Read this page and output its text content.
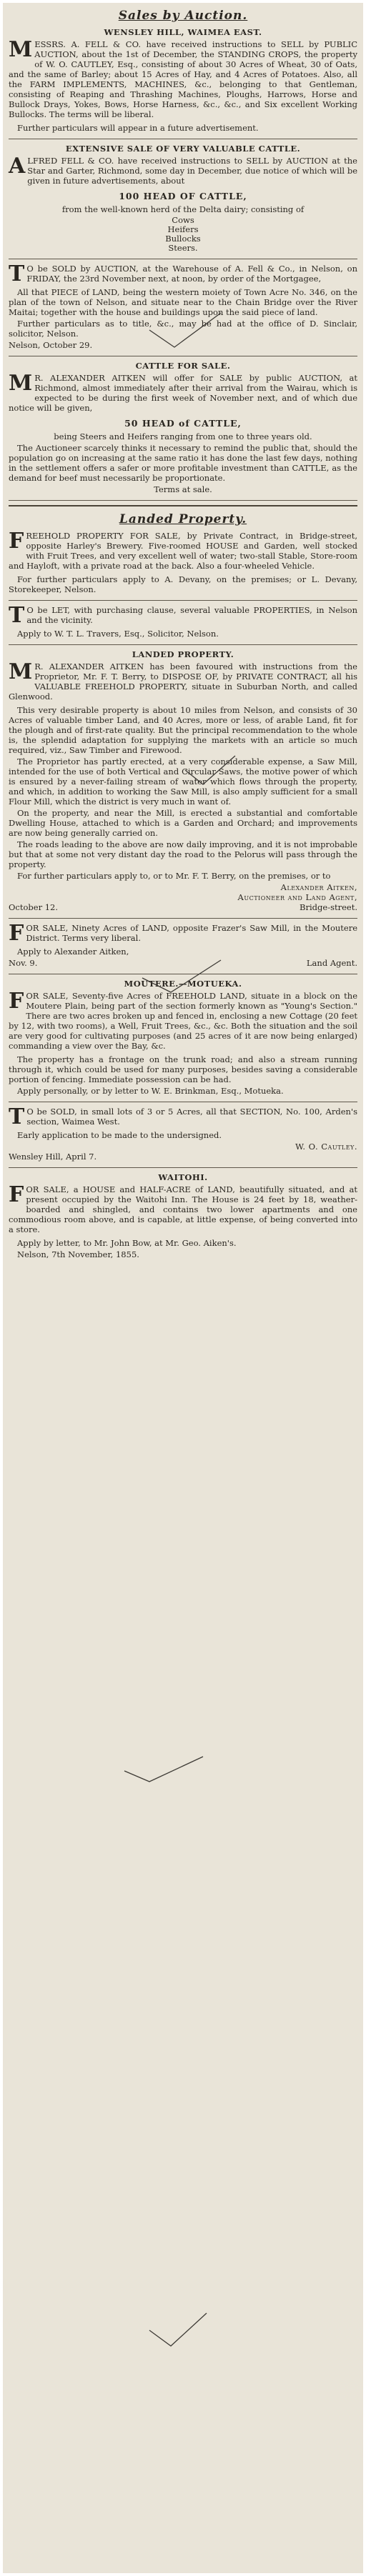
Sales by Auction.
WENSLEY HILL, WAIMEA EAST.
MESSRS. A. FELL & CO. have received instructions to SELL by PUBLIC AUCTION, about the 1st of December, the STANDING CROPS, the property of W. O. CAUTLEY, Esq., consisting of about 30 Acres of Wheat, 30 of Oats, and the same of Barley; about 15 Acres of Hay, and 4 Acres of Potatoes. Also, all the FARM IMPLEMENTS, MACHINES, &c., belonging to that Gentleman, consisting of Reaping and Thrashing Machines, Ploughs, Harrows, Horse and Bullock Drays, Yokes, Bows, Horse Harness, &c., &c., and Six excellent Working Bullocks. The terms will be liberal.
Further particulars will appear in a future advertisement.
EXTENSIVE SALE OF VERY VALUABLE CATTLE.
ALFRED FELL & CO. have received instructions to SELL by AUCTION at the Star and Garter, Richmond, some day in December, due notice of which will be given in future advertisements, about
100 HEAD OF CATTLE,
from the well-known herd of the Delta dairy; consisting of
Cows
Heifers
Bullocks
Steers.
T O be SOLD by AUCTION, at the Warehouse of A. Fell & Co., in Nelson, on FRIDAY, the 23rd November next, at noon, by order of the Mortgagee,
All that PIECE of LAND, being the western moiety of Town Acre No. 346, on the plan of the town of Nelson, and situate near to the Chain Bridge over the River Maitai; together with the house and buildings upon the said piece of land.
Further particulars as to title, &c., may be had at the office of D. Sinclair, solicitor, Nelson.
Nelson, October 29.
CATTLE FOR SALE.
M R. ALEXANDER AITKEN will offer for SALE by public AUCTION, at Richmond, almost immediately after their arrival from the Wairau, which is expected to be during the first week of November next, and of which due notice will be given,
50 HEAD of CATTLE,
being Steers and Heifers ranging from one to three years old.
The Auctioneer scarcely thinks it necessary to remind the public that, should the population go on increasing at the same ratio it has done the last few days, nothing in the settlement offers a safer or more profitable investment than CATTLE, as the demand for beef must necessarily be proportionate.
Terms at sale.
Landed Property.
FREEHOLD PROPERTY FOR SALE, by Private Contract, in Bridge-street, opposite Harley's Brewery. Five-roomed HOUSE and Garden, well stocked with Fruit Trees, and very excellent well of water; two-stall Stable, Store-room and Hayloft, with a private road at the back. Also a four-wheeled Vehicle.
For further particulars apply to A. Devany, on the premises; or L. Devany, Storekeeper, Nelson.
T O be LET, with purchasing clause, several valuable PROPERTIES, in Nelson and the vicinity.
Apply to W. T. L. Travers, Esq., Solicitor, Nelson.
LANDED PROPERTY.
M R. ALEXANDER AITKEN has been favoured with instructions from the Proprietor, Mr. F. T. Berry, to DISPOSE OF, by PRIVATE CONTRACT, all his VALUABLE FREEHOLD PROPERTY, situate in Suburban North, and called Glenwood.
This very desirable property is about 10 miles from Nelson, and consists of 30 Acres of valuable timber Land, and 40 Acres, more or less, of arable Land, fit for the plough and of first-rate quality. But the principal recommendation to the whole is, the splendid adaptation for supplying the markets with an article so much required, viz., Saw Timber and Firewood.
The Proprietor has partly erected, at a very considerable expense, a Saw Mill, intended for the use of both Vertical and Circular Saws, the motive power of which is ensured by a never-failing stream of water which flows through the property, and which, in addition to working the Saw Mill, is also amply sufficient for a small Flour Mill, which the district is very much in want of.
On the property, and near the Mill, is erected a substantial and comfortable Dwelling House, attached to which is a Garden and Orchard; and improvements are now being generally carried on.
The roads leading to the above are now daily improving, and it is not improbable but that at some not very distant day the road to the Pelorus will pass through the property.
For further particulars apply to, or to Mr. F. T. Berry, on the premises, or to
Alexander Aitken,
Auctioneer and Land Agent,
Bridge-street.
October 12.
FOR SALE, Ninety Acres of LAND, opposite Frazer's Saw Mill, in the Moutere District. Terms very liberal.
Apply to Alexander Aitken,
Land Agent.
Nov. 9.
MOUTERE.—MOTUEKA.
FOR SALE, Seventy-five Acres of FREEHOLD LAND, situate in a block on the Moutere Plain, being part of the section formerly known as "Young's Section." There are two acres broken up and fenced in, enclosing a new Cottage (20 feet by 12, with two rooms), a Well, Fruit Trees, &c., &c. Both the situation and the soil are very good for cultivating purposes (and 25 acres of it are now being enlarged) commanding a view over the Bay, &c.
The property has a frontage on the trunk road; and also a stream running through it, which could be used for many purposes, besides saving a considerable portion of fencing. Immediate possession can be had.
Apply personally, or by letter to W. E. Brinkman, Esq., Motueka.
T O be SOLD, in small lots of 3 or 5 Acres, all that SECTION, No. 100, Arden's section, Waimea West.
Early application to be made to the undersigned.
W. O. Cautley.
Wensley Hill, April 7.
WAITOHI.
FOR SALE, a HOUSE and HALF-ACRE of LAND, beautifully situated, and at present occupied by the Waitohi Inn. The House is 24 feet by 18, weather-boarded and shingled, and contains two lower apartments and one commodious room above, and is capable, at little expense, of being converted into a store.
Apply by letter, to Mr. John Bow, at Mr. Geo. Aiken's.
Nelson, 7th November, 1855.
